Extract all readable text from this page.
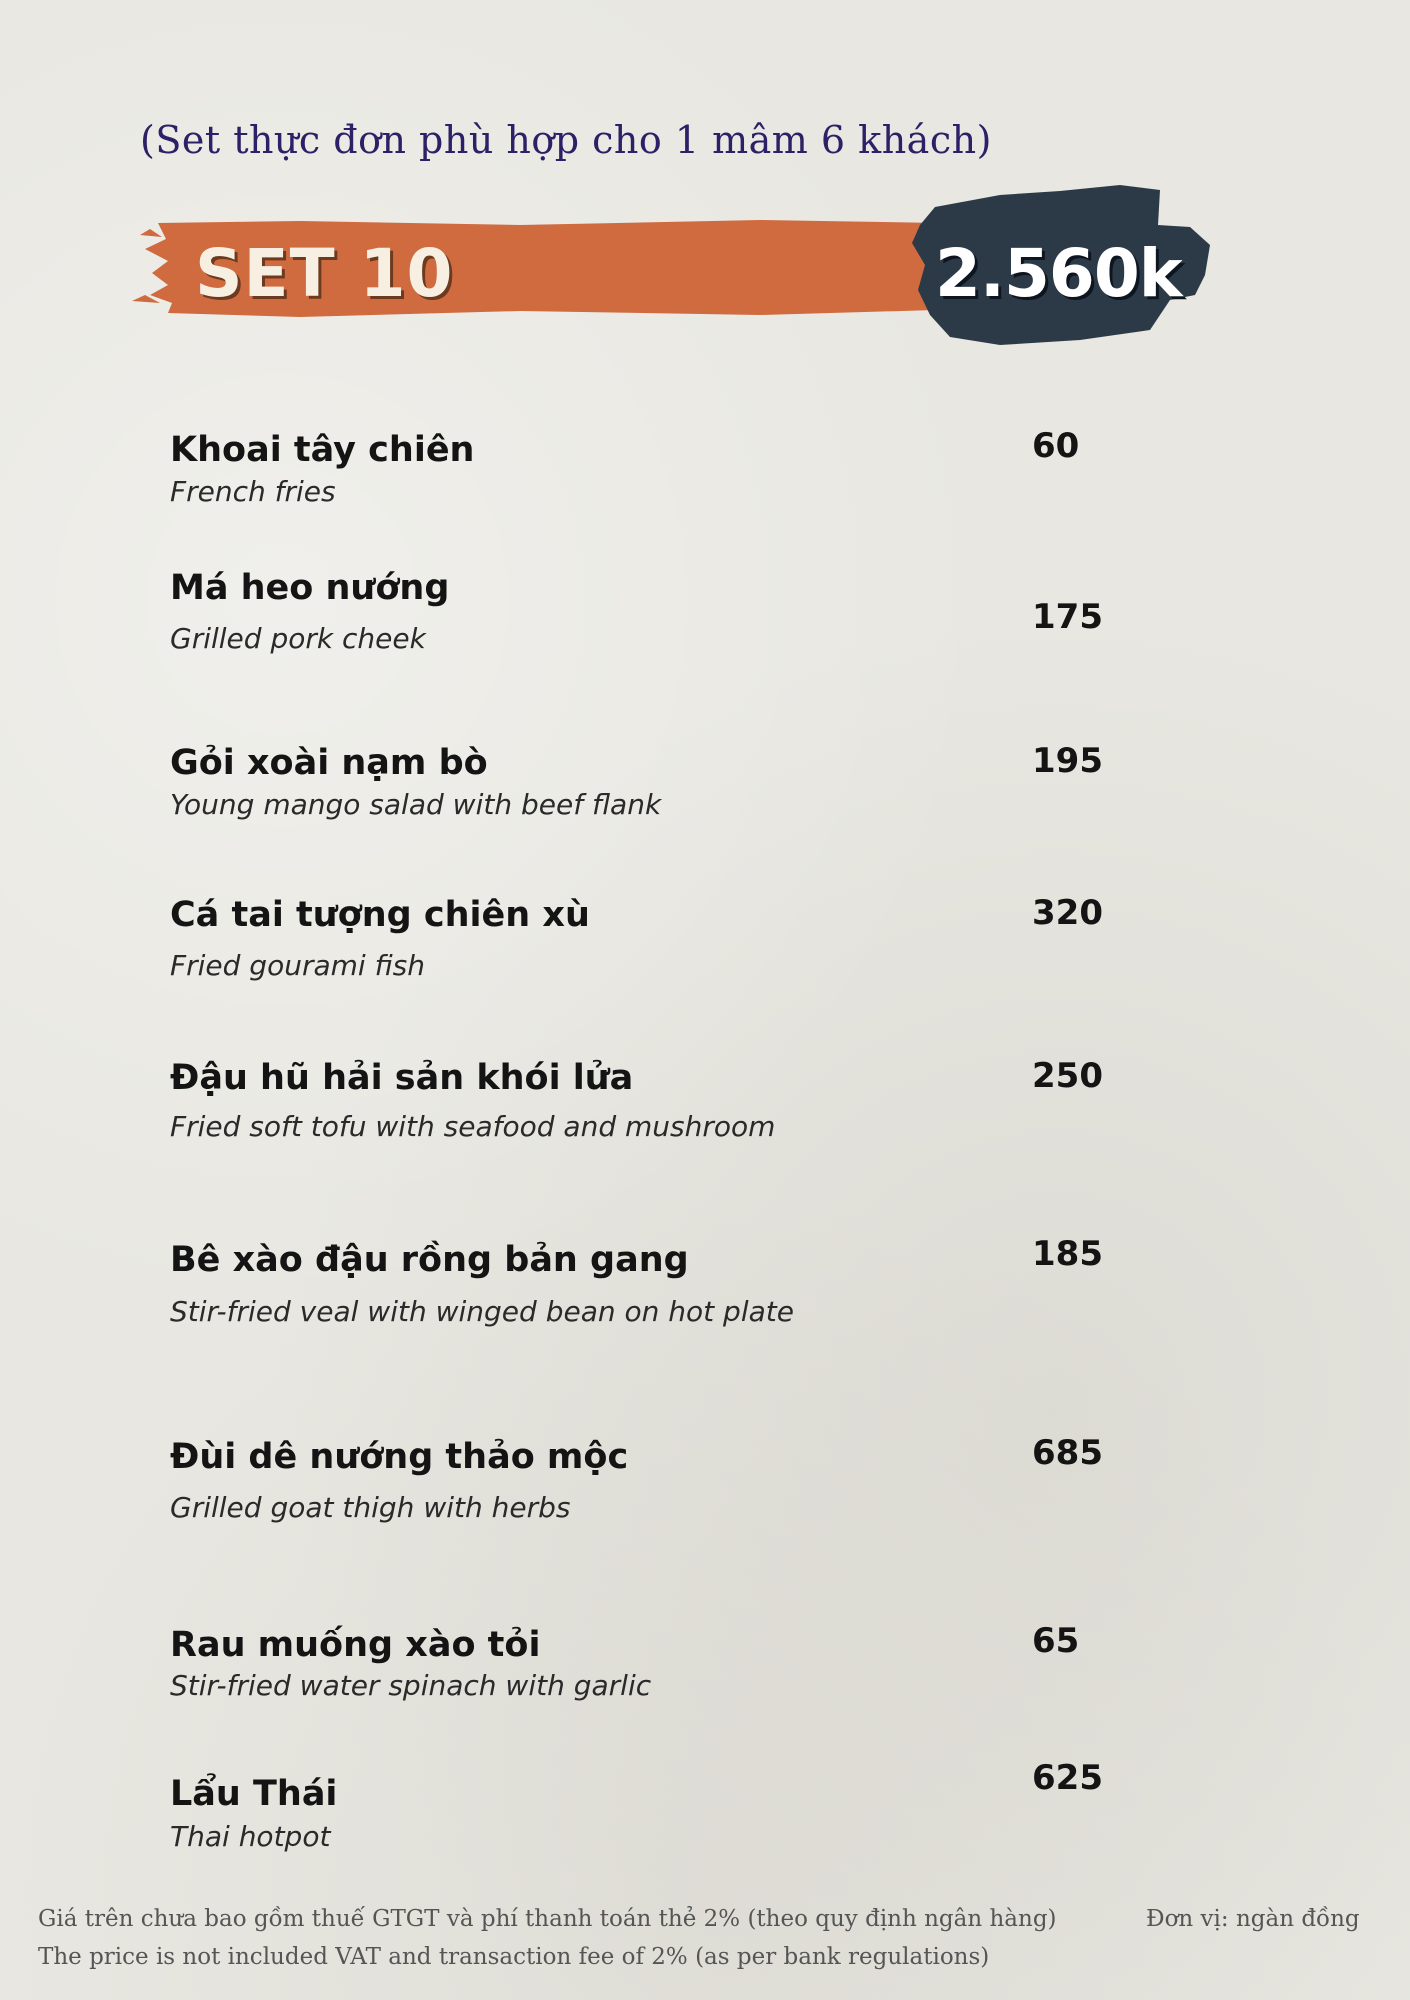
(Set thực đơn phù hợp cho 1 mâm 6 khách)
SET 10	2.560k
Khoai tây chiên
French fries
60
Má heo nướng
Grilled pork cheek
175
Gỏi xoài nạm bò
Young mango salad with beef flank
195
Cá tai tượng chiên xù
Fried gourami fish
320
Đậu hũ hải sản khói lửa
Fried soft tofu with seafood and mushroom
250
Bê xào đậu rồng bản gang
Stir-fried veal with winged bean on hot plate
185
Đùi dê nướng thảo mộc
Grilled goat thigh with herbs
685
Rau muống xào tỏi
Stir-fried water spinach with garlic
65
Lẩu Thái
Thai hotpot
625
Giá trên chưa bao gồm thuế GTGT và phí thanh toán thẻ 2% (theo quy định ngân hàng)
The price is not included VAT and transaction fee of 2% (as per bank regulations)
Đơn vị: ngàn đồng
